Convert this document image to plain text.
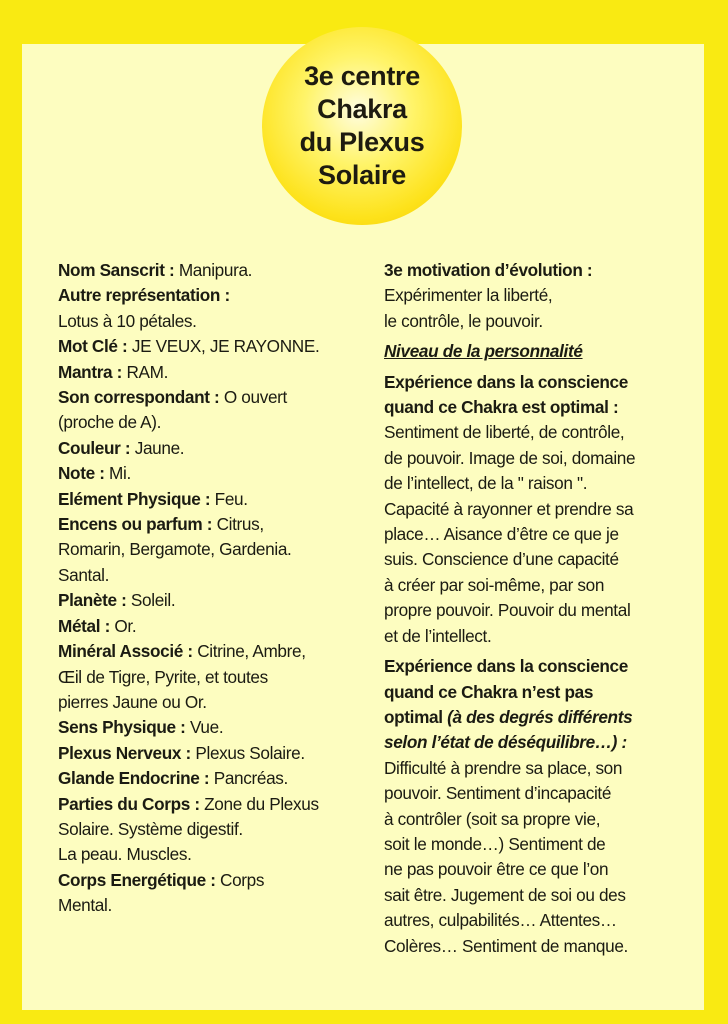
3e centre
Chakra
du Plexus
Solaire

Nom Sanscrit : Manipura.

Autre représentation :

Lotus à 10 pétales.

Mot Clé : JE VEUX, JE RAYONNE.

Mantra : RAM.

Son correspondant : O ouvert

(proche de A).

Couleur : Jaune.

Note : Mi.

Elément Physique : Feu.

Encens ou parfum : Citrus,

Romarin, Bergamote, Gardenia.

Santal.

Planète : Soleil.

Métal : Or.

Minéral Associé : Citrine, Ambre,

Œil de Tigre, Pyrite, et toutes

pierres Jaune ou Or.

Sens Physique : Vue.

Plexus Nerveux : Plexus Solaire.

Glande Endocrine : Pancréas.

Parties du Corps : Zone du Plexus

Solaire. Système digestif.

La peau. Muscles.

Corps Energétique : Corps

Mental.

3e motivation d’évolution :

Expérimenter la liberté,

le contrôle, le pouvoir.

Niveau de la personnalité

Expérience dans la conscience

quand ce Chakra est optimal :

Sentiment de liberté, de contrôle,

de pouvoir. Image de soi, domaine

de l’intellect, de la " raison ".

Capacité à rayonner et prendre sa

place… Aisance d’être ce que je

suis. Conscience d’une capacité

à créer par soi-même, par son

propre pouvoir. Pouvoir du mental

et de l’intellect.

Expérience dans la conscience

quand ce Chakra n’est pas

optimal (à des degrés différents

selon l’état de déséquilibre…) :

Difficulté à prendre sa place, son

pouvoir. Sentiment d’incapacité

à contrôler (soit sa propre vie,

soit le monde…) Sentiment de

ne pas pouvoir être ce que l’on

sait être. Jugement de soi ou des

autres, culpabilités… Attentes…

Colères… Sentiment de manque.
